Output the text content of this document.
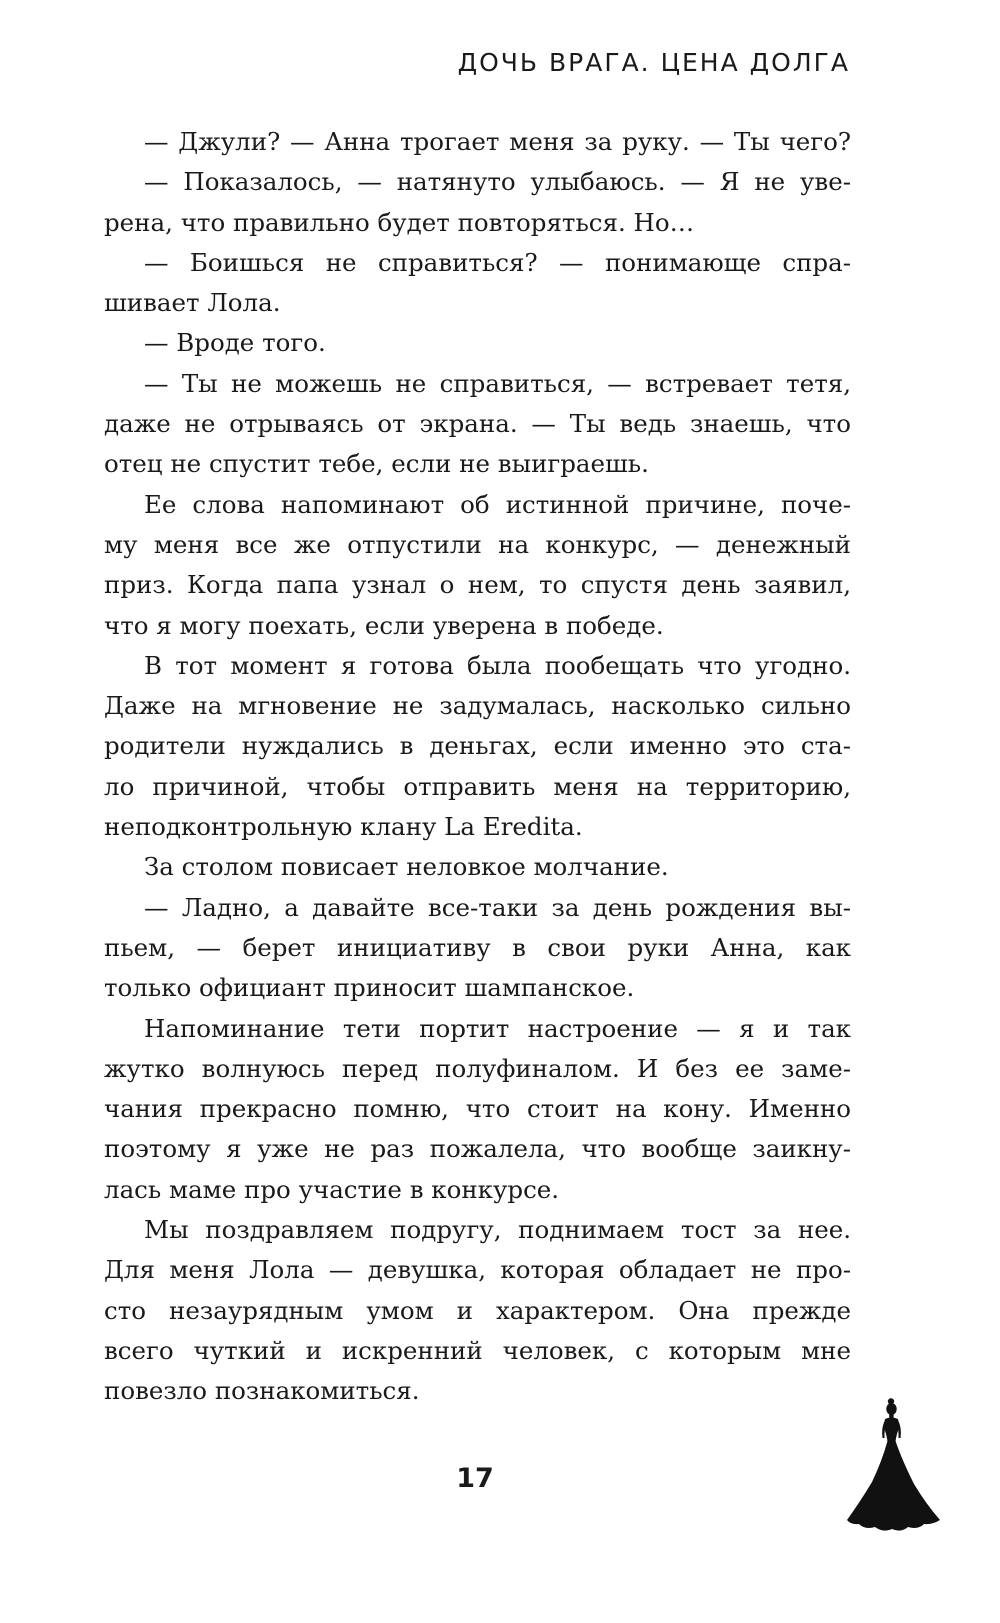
ДОЧЬ ВРАГА. ЦЕНА ДОЛГА
— Джули? — Анна трогает меня за руку. — Ты чего?
— Показалось, — натянуто улыбаюсь. — Я не уве-
рена, что правильно будет повторяться. Но…
— Боишься не справиться? — понимающе спра-
шивает Лола.
— Вроде того.
— Ты не можешь не справиться, — встревает тетя,
даже не отрываясь от экрана. — Ты ведь знаешь, что
отец не спустит тебе, если не выиграешь.
Ее слова напоминают об истинной причине, поче-
му меня все же отпустили на конкурс, — денежный
приз. Когда папа узнал о нем, то спустя день заявил,
что я могу поехать, если уверена в победе.
В тот момент я готова была пообещать что угодно.
Даже на мгновение не задумалась, насколько сильно
родители нуждались в деньгах, если именно это ста-
ло причиной, чтобы отправить меня на территорию,
неподконтрольную клану La Eredita.
За столом повисает неловкое молчание.
— Ладно, а давайте все-таки за день рождения вы-
пьем, — берет инициативу в свои руки Анна, как
только официант приносит шампанское.
Напоминание тети портит настроение — я и так
жутко волнуюсь перед полуфиналом. И без ее заме-
чания прекрасно помню, что стоит на кону. Именно
поэтому я уже не раз пожалела, что вообще заикну-
лась маме про участие в конкурсе.
Мы поздравляем подругу, поднимаем тост за нее.
Для меня Лола — девушка, которая обладает не про-
сто незаурядным умом и характером. Она прежде
всего чуткий и искренний человек, с которым мне
повезло познакомиться.
17
